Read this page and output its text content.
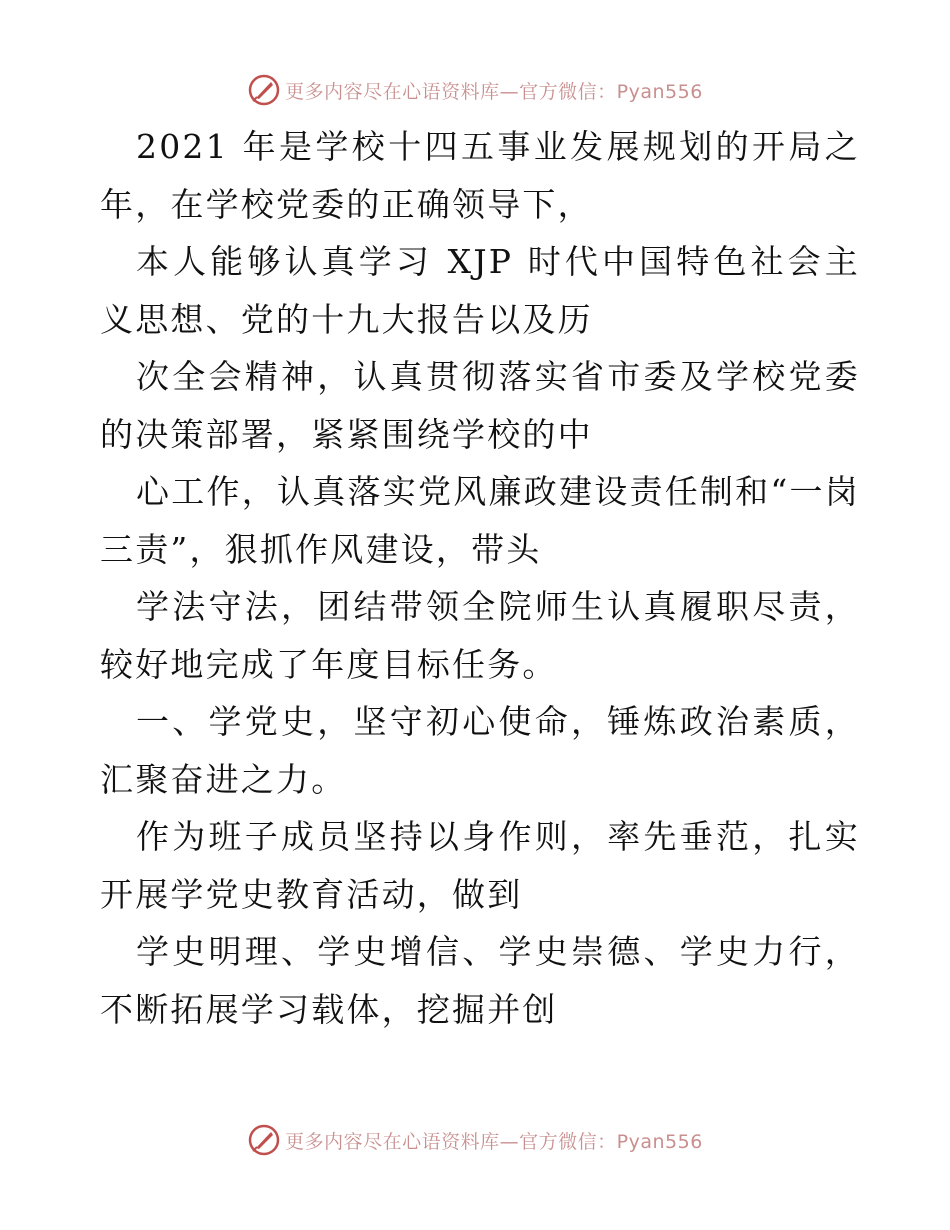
更多内容尽在心语资料库—官方微信：Pyan556

2021 年是学校十四五事业发展规划的开局之年，在学校党委的正确领导下，

本人能够认真学习 XJP 时代中国特色社会主义思想、党的十九大报告以及历

次全会精神，认真贯彻落实省市委及学校党委的决策部署，紧紧围绕学校的中

心工作，认真落实党风廉政建设责任制和“一岗三责”，狠抓作风建设，带头

学法守法，团结带领全院师生认真履职尽责，较好地完成了年度目标任务。

一、学党史，坚守初心使命，锤炼政治素质，汇聚奋进之力。

作为班子成员坚持以身作则，率先垂范，扎实开展学党史教育活动，做到

学史明理、学史增信、学史崇德、学史力行，不断拓展学习载体，挖掘并创

更多内容尽在心语资料库—官方微信：Pyan556
